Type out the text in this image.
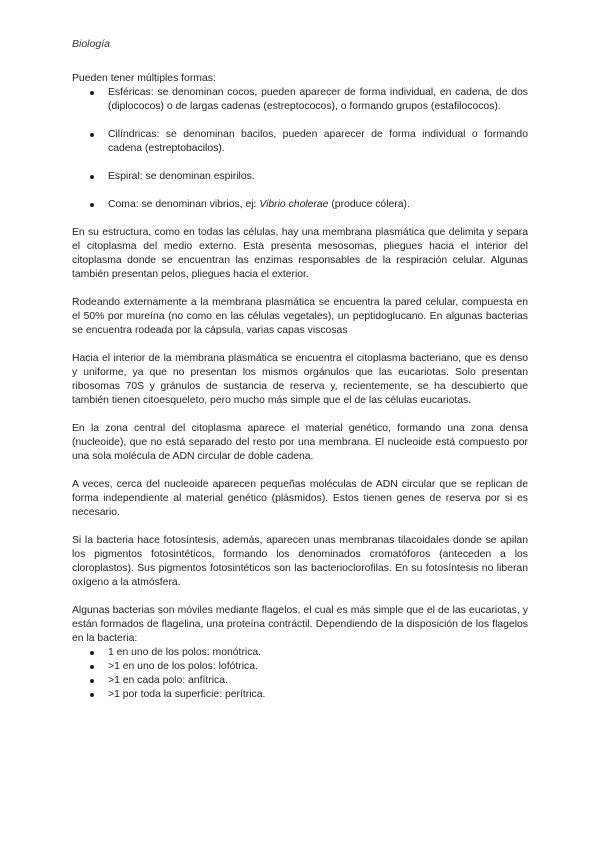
Biología

Pueden tener múltiples formas:

Esféricas: se denominan cocos, pueden aparecer de forma individual, en cadena, de dos (diplococos) o de largas cadenas (estreptococos), o formando grupos (estafilococos).
Cilíndricas: se denominan bacilos, pueden aparecer de forma individual o formando cadena (estreptobacilos).
Espiral: se denominan espirilos.
Coma: se denominan vibrios, ej: Vibrio cholerae (produce cólera).

En su estructura, como en todas las células, hay una membrana plasmática que delimita y separa el citoplasma del medio externo. Esta presenta mesosomas, pliegues hacia el interior del citoplasma donde se encuentran las enzimas responsables de la respiración celular. Algunas también presentan pelos, pliegues hacia el exterior.

Rodeando externamente a la membrana plasmática se encuentra la pared celular, compuesta en el 50% por mureína (no como en las células vegetales), un peptidoglucano. En algunas bacterias se encuentra rodeada por la cápsula, varias capas viscosas

Hacia el interior de la membrana plasmática se encuentra el citoplasma bacteriano, que es denso y uniforme, ya que no presentan los mismos orgánulos que las eucariotas. Solo presentan ribosomas 70S y gránulos de sustancia de reserva y, recientemente, se ha descubierto que también tienen citoesqueleto, pero mucho más simple que el de las células eucariotas.

En la zona central del citoplasma aparece el material genético, formando una zona densa (nucleoide), que no está separado del resto por una membrana. El nucleoide está compuesto por una sola molécula de ADN circular de doble cadena.

A veces, cerca del nucleoide aparecen pequeñas moléculas de ADN circular que se replican de forma independiente al material genético (plásmidos). Estos tienen genes de reserva por si es necesario.

Si la bacteria hace fotosíntesis, además, aparecen unas membranas tilacoidales donde se apilan los pigmentos fotosintéticos, formando los denominados cromatóforos (anteceden a los cloroplastos). Sus pigmentos fotosintéticos son las bacterioclorofilas. En su fotosíntesis no liberan oxígeno a la atmósfera.

Algunas bacterias son móviles mediante flagelos, el cual es más simple que el de las eucariotas, y están formados de flagelina, una proteína contráctil. Dependiendo de la disposición de los flagelos en la bacteria:

1 en uno de los polos: monótrica.
>1 en uno de los polos: lofótrica.
>1 en cada polo: anfítrica.
>1 por toda la superficie: perítrica.
